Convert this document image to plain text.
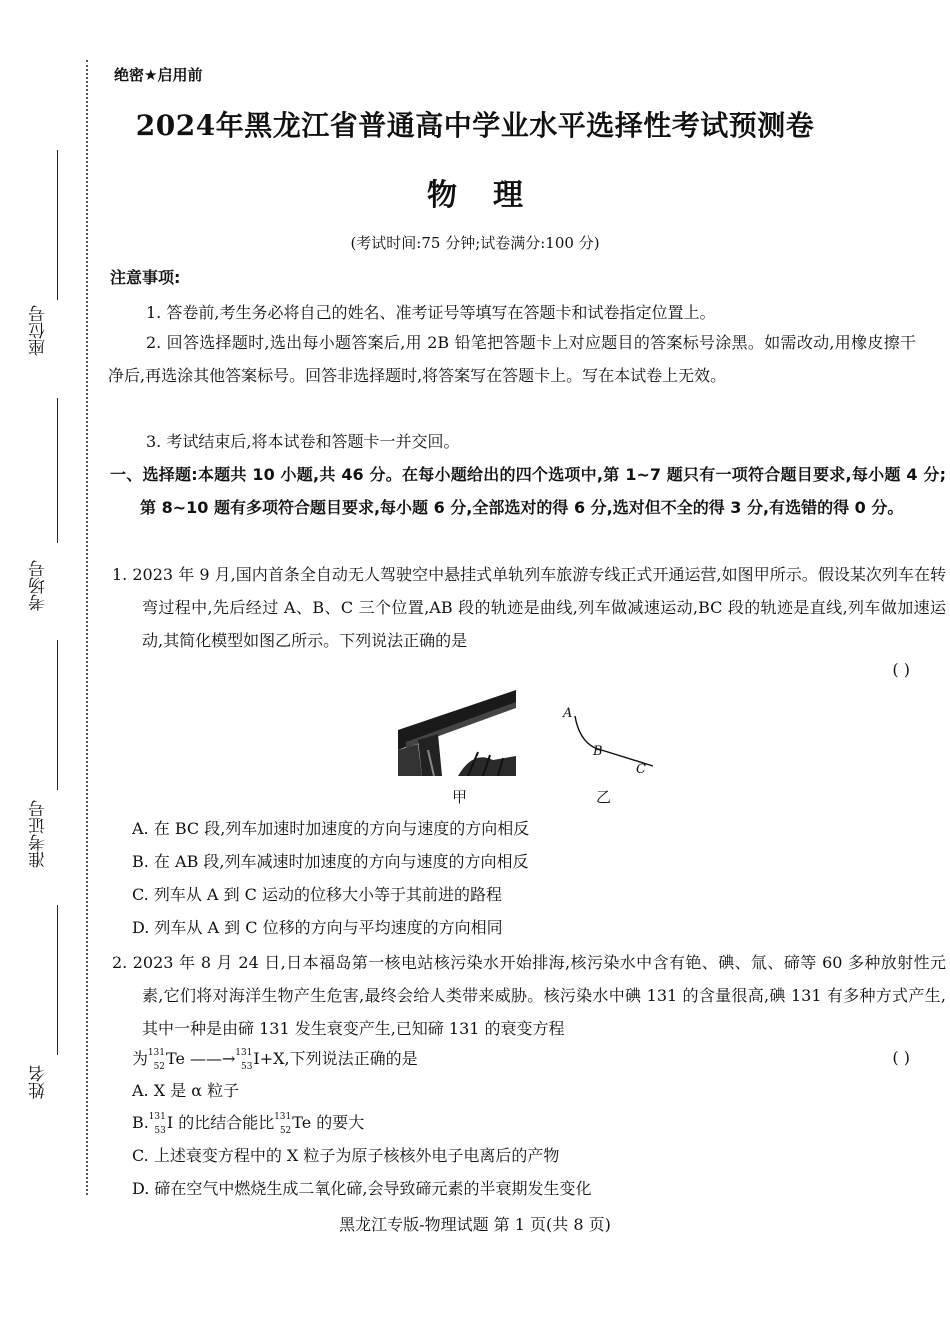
座位号
考场号
准考证号
姓名
绝密★启用前
2024年黑龙江省普通高中学业水平选择性考试预测卷
物理
(考试时间:75 分钟;试卷满分:100 分)
注意事项:
1. 答卷前,考生务必将自己的姓名、准考证号等填写在答题卡和试卷指定位置上。
2. 回答选择题时,选出每小题答案后,用 2B 铅笔把答题卡上对应题目的答案标号涂黑。如需改动,用橡皮擦干净后,再选涂其他答案标号。回答非选择题时,将答案写在答题卡上。写在本试卷上无效。
3. 考试结束后,将本试卷和答题卡一并交回。
一、选择题:本题共 10 小题,共 46 分。在每小题给出的四个选项中,第 1~7 题只有一项符合题目要求,每小题 4 分;第 8~10 题有多项符合题目要求,每小题 6 分,全部选对的得 6 分,选对但不全的得 3 分,有选错的得 0 分。
1. 2023 年 9 月,国内首条全自动无人驾驶空中悬挂式单轨列车旅游专线正式开通运营,如图甲所示。假设某次列车在转弯过程中,先后经过 A、B、C 三个位置,AB 段的轨迹是曲线,列车做减速运动,BC 段的轨迹是直线,列车做加速运动,其简化模型如图乙所示。下列说法正确的是
( )
甲
A
B
C
乙
A. 在 BC 段,列车加速时加速度的方向与速度的方向相反
B. 在 AB 段,列车减速时加速度的方向与速度的方向相反
C. 列车从 A 到 C 运动的位移大小等于其前进的路程
D. 列车从 A 到 C 位移的方向与平均速度的方向相同
2. 2023 年 8 月 24 日,日本福岛第一核电站核污染水开始排海,核污染水中含有铯、碘、氚、碲等 60 多种放射性元素,它们将对海洋生物产生危害,最终会给人类带来威胁。核污染水中碘 131 的含量很高,碘 131 有多种方式产生,其中一种是由碲 131 发生衰变产生,已知碲 131 的衰变方程
为 131
52 Te ——→ 131
53 I+X,下列说法正确的是	( )
A. X 是 α 粒子
B. 131
53 I 的比结合能比 131
52 Te 的要大
C. 上述衰变方程中的 X 粒子为原子核核外电子电离后的产物
D. 碲在空气中燃烧生成二氧化碲,会导致碲元素的半衰期发生变化
黑龙江专版-物理试题 第 1 页(共 8 页)
